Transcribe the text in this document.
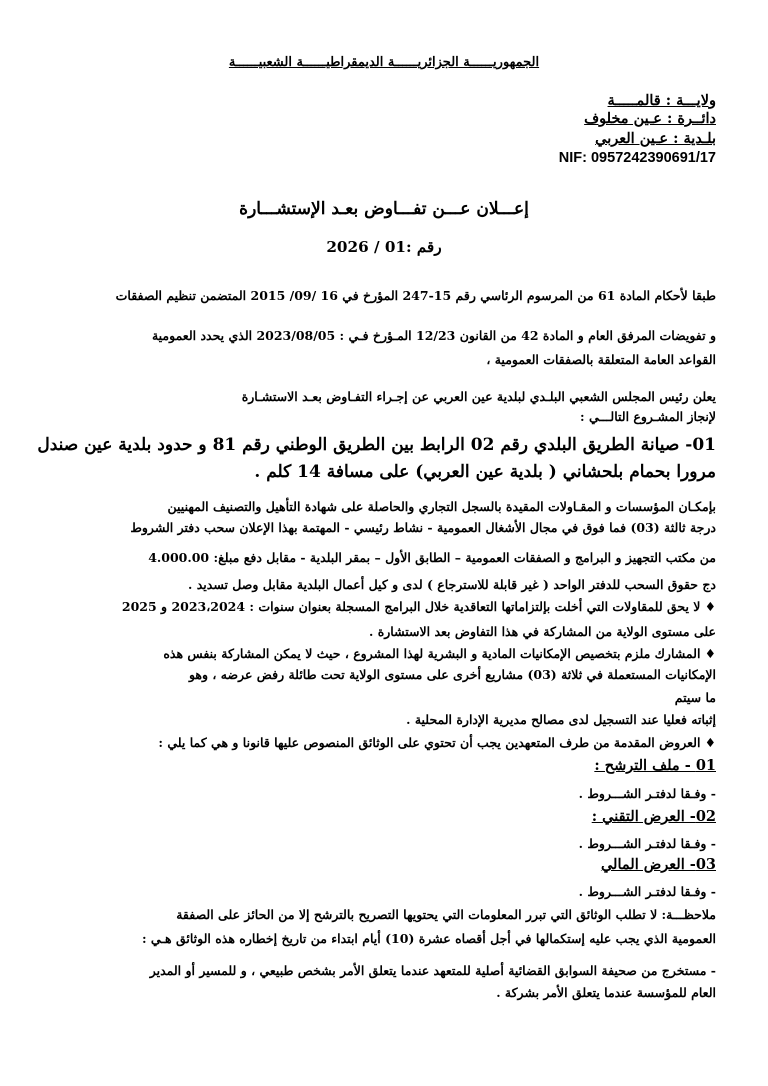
الجمهوريــــــة الجزائريــــــة الديمقراطيــــــة الشعبيــــــة
ولايـــة : قالمـــــة
دائــرة : عـين مخلوف
بلـدية : عـين العربي
NIF: 0957242390691/17
إعـــلان عـــن تفـــاوض بعـد الإستشـــارة
رقم :01 / 2026
طبقا لأحكام المادة 61 من المرسوم الرئاسي رقم 15-247 المؤرخ في 16 /09/ 2015 المتضمن تنظيم الصفقات
و تفويضات المرفق العام و المادة 42 من القانون 12/23 المـؤرخ فـي : 2023/08/05 الذي يحدد العمومية
القواعد العامة المتعلقة بالصفقات العمومية ،
يعلن رئيس المجلس الشعبي البلـدي لبلدية عين العربي عن إجـراء التفـاوض بعـد الاستشـارة
لإنجاز المشـروع التالـــي :
01- صيانة الطريق البلدي رقم 02 الرابط بين الطريق الوطني رقم 81 و حدود بلدية عين صندل
مرورا بحمام بلحشاني ( بلدية عين العربي) على مسافة 14 كلم .
بإمكـان المؤسسات و المقـاولات المقيدة بالسجل التجاري والحاصلة على شهادة التأهيل والتصنيف المهنيين
درجة ثالثة (03) فما فوق في مجال الأشغال العمومية - نشاط رئيسي - المهتمة بهذا الإعلان سحب دفتر الشروط
من مكتب التجهيز و البرامج و الصفقات العمومية – الطابق الأول – بمقر البلدية - مقابل دفع مبلغ: 4.000.00
دج حقوق السحب للدفتر الواحد ( غير قابلة للاسترجاع ) لدى و كيل أعمال البلدية مقابل وصل تسديد .
♦ لا يحق للمقاولات التي أخلت بإلتزاماتها التعاقدية خلال البرامج المسجلة بعنوان سنوات : 2023،2024 و 2025
على مستوى الولاية من المشاركة في هذا التفاوض بعد الاستشارة .
♦ المشارك ملزم بتخصيص الإمكانيات المادية و البشرية لهذا المشروع ، حيث لا يمكن المشاركة بنفس هذه
الإمكانيات المستعملة في ثلاثة (03) مشاريع أخرى على مستوى الولاية تحت طائلة رفض عرضه ، وهو
ما سيتم
إثباته فعليا عند التسجيل لدى مصالح مديرية الإدارة المحلية .
♦ العروض المقدمة من طرف المتعهدين يجب أن تحتوي على الوثائق المنصوص عليها قانونا و هي كما يلي :
01 - ملف الترشح :
- وفـقا لدفتـر الشـــروط .
02- العرض التقني :
- وفـقا لدفتـر الشـــروط .
03- العرض المالي
- وفـقا لدفتـر الشـــروط .
ملاحظـــة: لا تطلب الوثائق التي تبرر المعلومات التي يحتويها التصريح بالترشح إلا من الحائز على الصفقة
العمومية الذي يجب عليه إستكمالها في أجل أقصاه عشرة (10) أيام ابتداء من تاريخ إخطاره هذه الوثائق هـي :
- مستخرج من صحيفة السوابق القضائية أصلية للمتعهد عندما يتعلق الأمر بشخص طبيعي ، و للمسير أو المدير
العام للمؤسسة عندما يتعلق الأمر بشركة .
